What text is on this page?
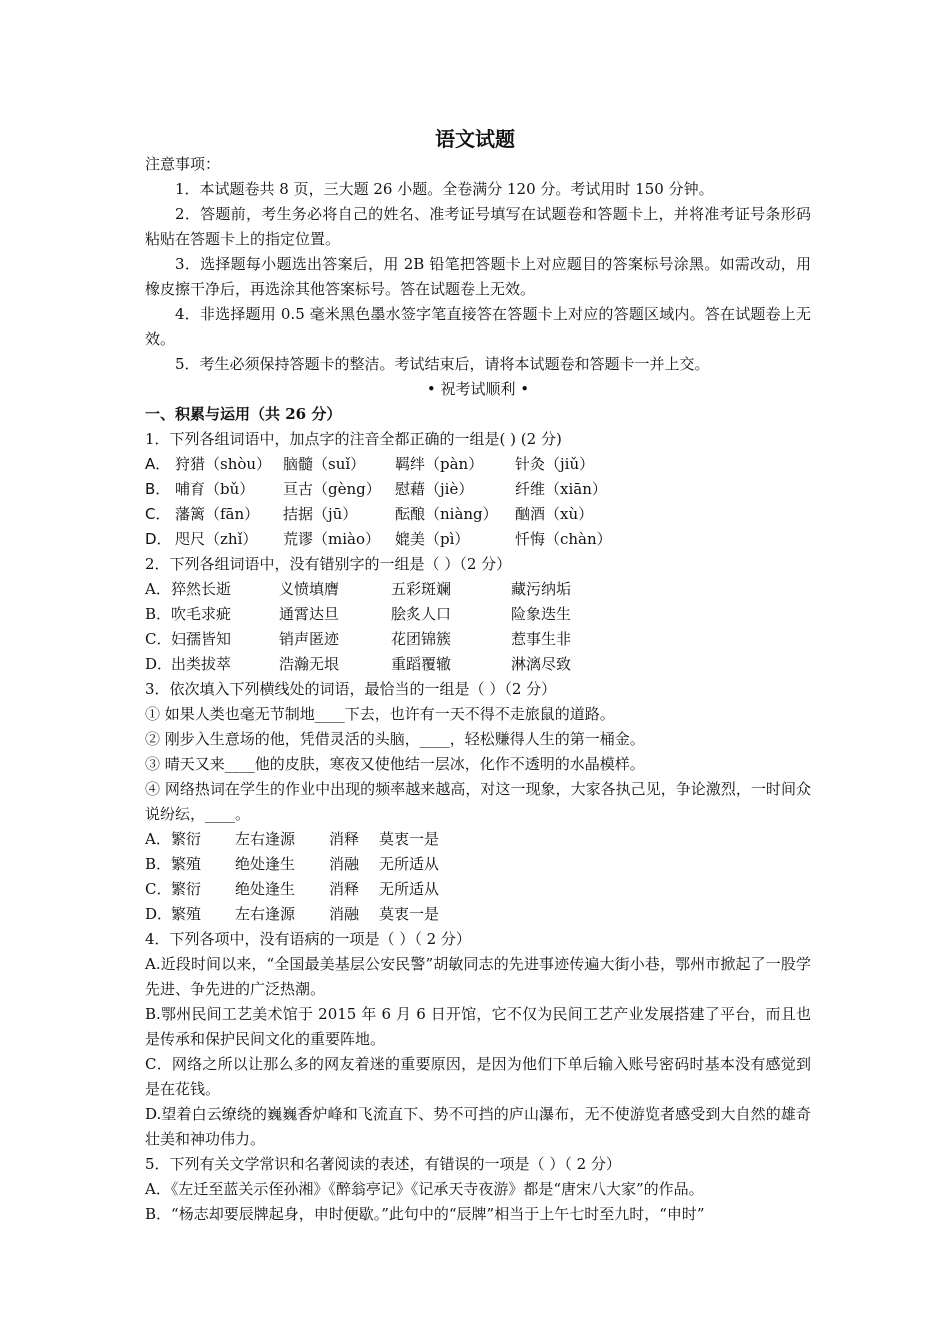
语文试题
注意事项：
1．本试题卷共 8 页，三大题 26 小题。全卷满分 120 分。考试用时 150 分钟。
2．答题前，考生务必将自己的姓名、准考证号填写在试题卷和答题卡上，并将准考证号条形码粘贴在答题卡上的指定位置。
3．选择题每小题选出答案后，用 2B 铅笔把答题卡上对应题目的答案标号涂黑。如需改动，用橡皮擦干净后，再选涂其他答案标号。答在试题卷上无效。
4．非选择题用 0.5 毫米黑色墨水签字笔直接答在答题卡上对应的答题区域内。答在试题卷上无效。
5．考生必须保持答题卡的整洁。考试结束后，请将本试题卷和答题卡一并上交。
• 祝考试顺利 •
一、积累与运用（共 26 分）
1．下列各组词语中，加点字的注音全都正确的一组是( ) (2 分)
A． 狩猎（shòu） 脑髓（suǐ） 羁绊（pàn） 针灸（jiǔ）
B． 哺育（bǔ） 亘古（gèng） 慰藉（jiè）	纤维（xiān）
C． 藩篱（fān） 拮据（jū）	酝酿（niàng） 酗酒（xù）
D． 咫尺（zhǐ） 荒谬（miào） 媲美（pì）	忏悔（chàn）
2．下列各组词语中，没有错别字的一组是（ ）（2 分）
A．猝然长逝	义愤填膺	五彩斑斓	藏污纳垢
B．吹毛求疵	通霄达旦	脍炙人口	险象迭生
C．妇孺皆知	销声匿迹	花团锦簇	惹事生非
D．出类拔萃	浩瀚无垠	重蹈覆辙	淋漓尽致
3．依次填入下列横线处的词语，最恰当的一组是（ ）（2 分）
① 如果人类也毫无节制地____下去，也许有一天不得不走旅鼠的道路。
② 刚步入生意场的他，凭借灵活的头脑，____，轻松赚得人生的第一桶金。
③ 晴天又来____他的皮肤，寒夜又使他结一层冰，化作不透明的水晶模样。
④ 网络热词在学生的作业中出现的频率越来越高，对这一现象，大家各执己见，争论激烈，一时间众说纷纭，____。
A．繁衍 左右逢源 消释 莫衷一是
B．繁殖 绝处逢生 消融 无所适从
C．繁衍 绝处逢生 消释 无所适从
D．繁殖 左右逢源 消融 莫衷一是
4．下列各项中，没有语病的一项是（ ）（ 2 分）
A.近段时间以来，“全国最美基层公安民警”胡敏同志的先进事迹传遍大街小巷，鄂州市掀起了一股学先进、争先进的广泛热潮。
B.鄂州民间工艺美术馆于 2015 年 6 月 6 日开馆，它不仅为民间工艺产业发展搭建了平台，而且也是传承和保护民间文化的重要阵地。
C．网络之所以让那么多的网友着迷的重要原因，是因为他们下单后输入账号密码时基本没有感觉到是在花钱。
D.望着白云缭绕的巍巍香炉峰和飞流直下、势不可挡的庐山瀑布，无不使游览者感受到大自然的雄奇壮美和神功伟力。
5．下列有关文学常识和名著阅读的表述，有错误的一项是（ ）（ 2 分）
A．《左迁至蓝关示侄孙湘》《醉翁亭记》《记承天寺夜游》都是“唐宋八大家”的作品。
B．“杨志却要辰牌起身，申时便歇。”此句中的“辰牌”相当于上午七时至九时，“申时”
